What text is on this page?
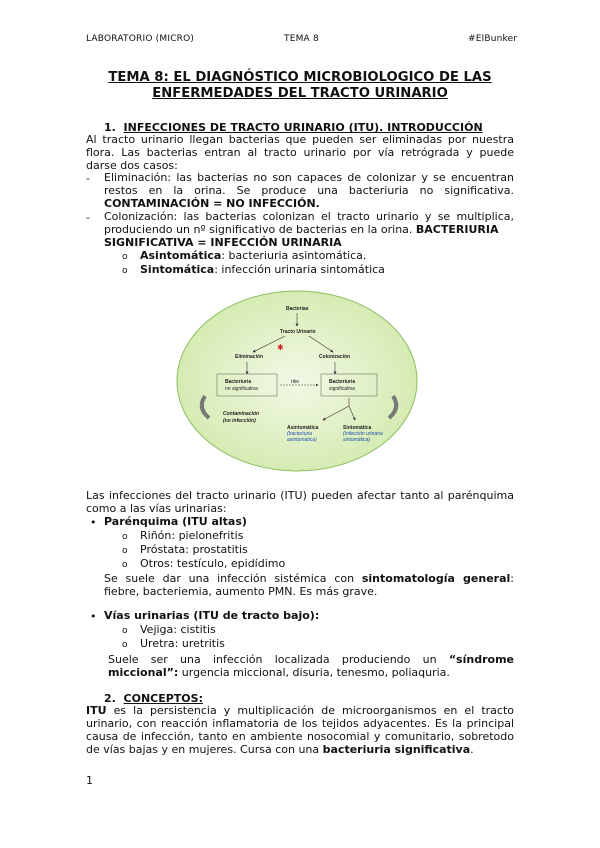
LABORATORIO (MICRO)	TEMA 8	#ElBunker
TEMA 8: EL DIAGNÓSTICO MICROBIOLOGICO DE LAS
ENFERMEDADES DEL TRACTO URINARIO
1. INFECCIONES DE TRACTO URINARIO (ITU). INTRODUCCIÓN
Al tracto urinario llegan bacterias que pueden ser eliminadas por nuestra
flora. Las bacterias entran al tracto urinario por vía retrógrada y puede
darse dos casos:
- Eliminación: las bacterias no son capaces de colonizar y se encuentran
restos en la orina. Se produce una bacteriuria no significativa.
CONTAMINACIÓN = NO INFECCIÓN.
- Colonización: las bacterias colonizan el tracto urinario y se multiplica,
produciendo un nº significativo de bacterias en la orina. BACTERIURIA
SIGNIFICATIVA = INFECCIÓN URINARIA
o Asintomática: bacteriuria asintomática.
o Sintomática: infección urinaria sintomática
Bacterias
Tracto Urinario
✱
Eliminación	Colonización
Bacteriuria
no significativa
Bacteriuria
significativa
rike
Contaminación
(no infección)
Asintomática
(bacteriuria
asintomática)
Sintomática
(Infección urinaria
sintomática)
Las infecciones del tracto urinario (ITU) pueden afectar tanto al parénquima
como a las vías urinarias:
• Parénquima (ITU altas)
o Riñón: pielonefritis
o Próstata: prostatitis
o Otros: testículo, epidídimo
Se suele dar una infección sistémica con sintomatología general:
fiebre, bacteriemia, aumento PMN. Es más grave.
• Vías urinarias (ITU de tracto bajo):
o Vejiga: cistitis
o Uretra: uretritis
Suele ser una infección localizada produciendo un “síndrome
miccional”: urgencia miccional, disuria, tenesmo, poliaquria.
2. CONCEPTOS:
ITU es la persistencia y multiplicación de microorganismos en el tracto
urinario, con reacción inflamatoria de los tejidos adyacentes. Es la principal
causa de infección, tanto en ambiente nosocomial y comunitario, sobretodo
de vías bajas y en mujeres. Cursa con una bacteriuria significativa.
1
